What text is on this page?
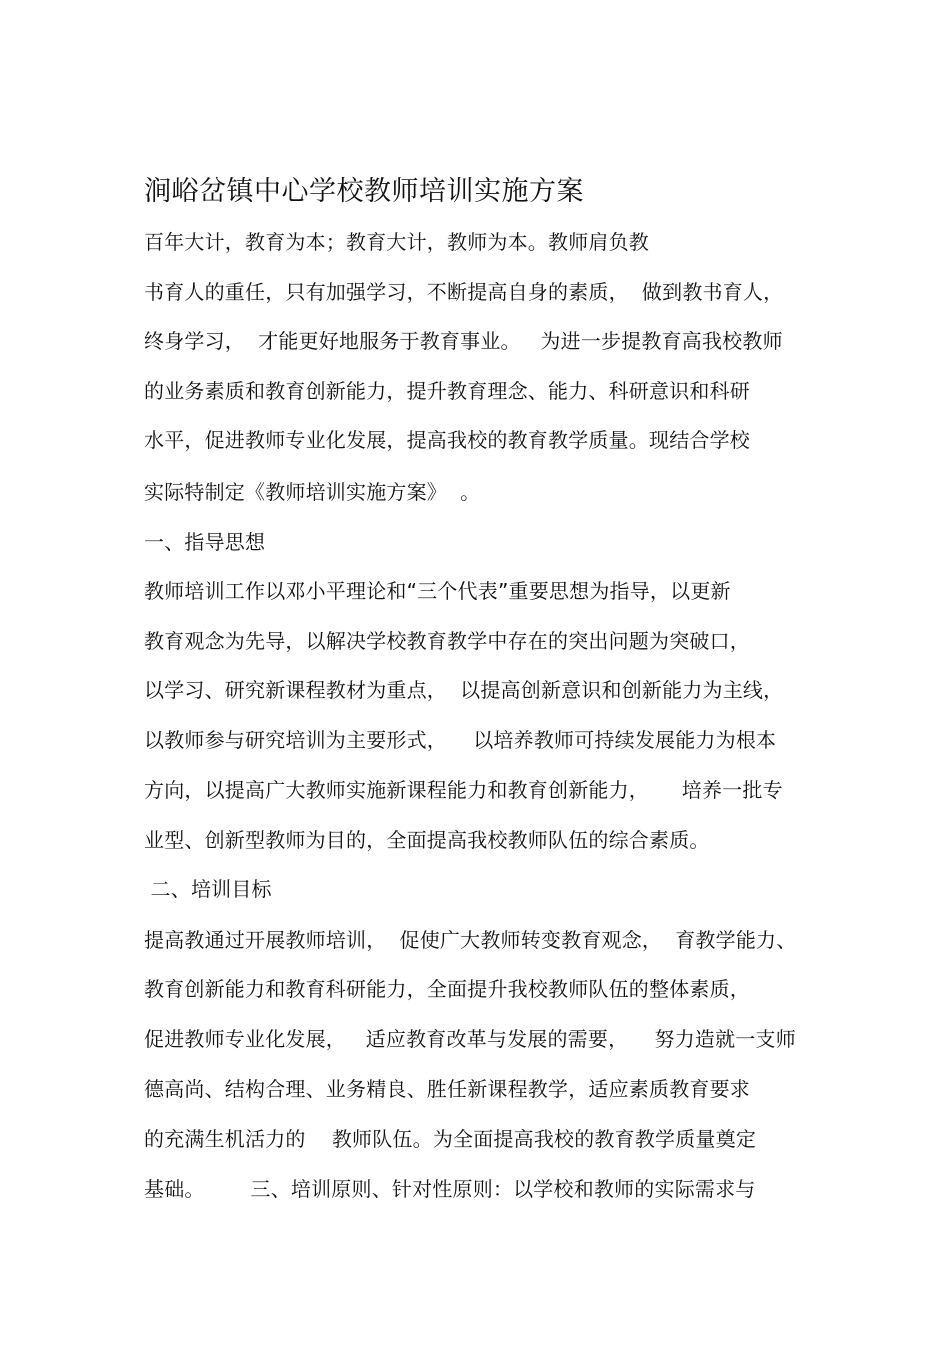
涧峪岔镇中心学校教师培训实施方案
百年大计，教育为本；教育大计，教师为本。教师肩负教
书育人的重任，只有加强学习，不断提高自身的素质，  做到教书育人，
终身学习，  才能更好地服务于教育事业。   为进一步提教育高我校教师
的业务素质和教育创新能力，提升教育理念、能力、科研意识和科研
水平，促进教师专业化发展，提高我校的教育教学质量。现结合学校
实际特制定《教师培训实施方案》  。
一、指导思想
教师培训工作以邓小平理论和“三个代表”重要思想为指导，以更新
教育观念为先导，以解决学校教育教学中存在的突出问题为突破口，
以学习、研究新课程教材为重点，  以提高创新意识和创新能力为主线，
以教师参与研究培训为主要形式，    以培养教师可持续发展能力为根本
方向，以提高广大教师实施新课程能力和教育创新能力，     培养一批专
业型、创新型教师为目的，全面提高我校教师队伍的综合素质。
二、培训目标
提高教通过开展教师培训，  促使广大教师转变教育观念，  育教学能力、
教育创新能力和教育科研能力，全面提升我校教师队伍的整体素质，
促进教师专业化发展，   适应教育改革与发展的需要，    努力造就一支师
德高尚、结构合理、业务精良、胜任新课程教学，适应素质教育要求
的充满生机活力的    教师队伍。为全面提高我校的教育教学质量奠定
基础。       三、培训原则、针对性原则：以学校和教师的实际需求与
